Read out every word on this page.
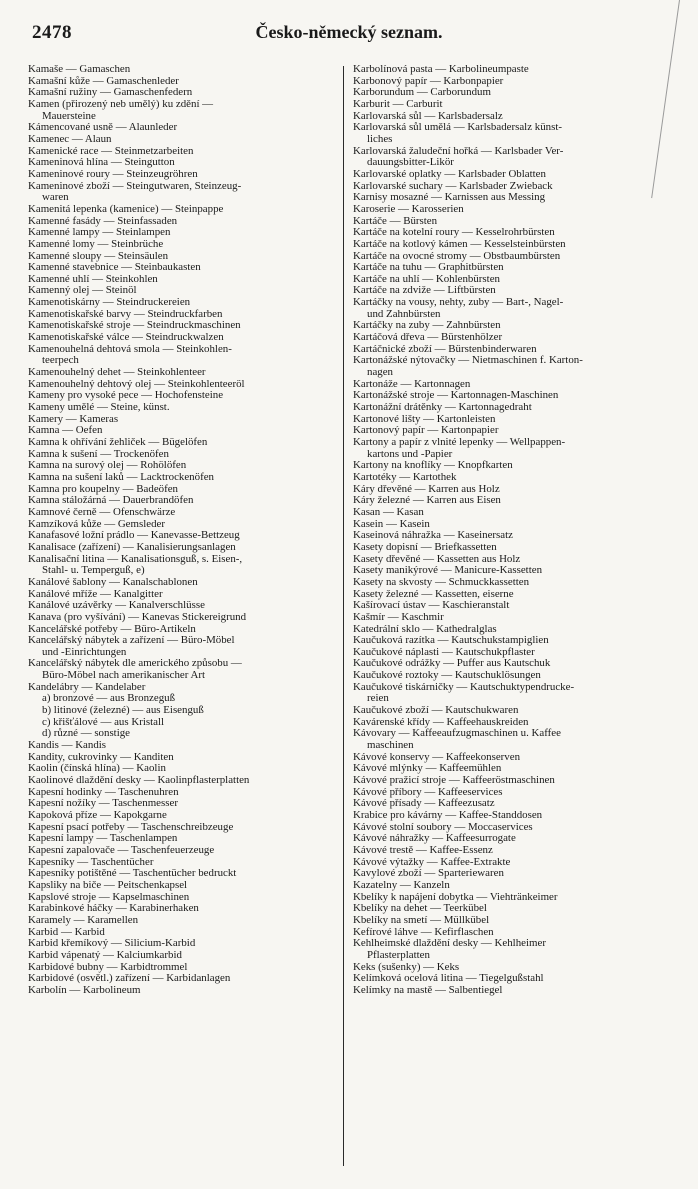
2478	Česko-německý seznam.
Kamaše — Gamaschen
Kamašní kůže — Gamaschenleder
Kamašní ružiny — Gamaschenfedern
Kamen (přirozený neb umělý) ku zdění —
Mauersteine
Kámencované usně — Alaunleder
Kamenec — Alaun
Kamenické race — Steinmetzarbeiten
Kameninová hlína — Steingutton
Kameninové roury — Steinzeugröhren
Kameninové zboží — Steingutwaren, Steinzeug-
waren
Kamenitá lepenka (kamenice) — Steinpappe
Kamenné fasády — Steinfassaden
Kamenné lampy — Steinlampen
Kamenné lomy — Steinbrüche
Kamenné sloupy — Steinsäulen
Kamenné stavebnice — Steinbaukasten
Kamenné uhlí — Steinkohlen
Kamenný olej — Steinöl
Kamenotiskárny — Steindruckereien
Kamenotiskařské barvy — Steindruckfarben
Kamenotiskařské stroje — Steindruckmaschinen
Kamenotiskařské válce — Steindruckwalzen
Kamenouhelná dehtová smola — Steinkohlen-
teerpech
Kamenouhelný dehet — Steinkohlenteer
Kamenouhelný dehtový olej — Steinkohlenteeröl
Kameny pro vysoké pece — Hochofensteine
Kameny umělé — Steine, künst.
Kamery — Kameras
Kamna — Oefen
Kamna k ohřívání žehliček — Bügelöfen
Kamna k sušení — Trockenöfen
Kamna na surový olej — Rohölöfen
Kamna na sušení laků — Lacktrockenöfen
Kamna pro koupelny — Badeöfen
Kamna stáložárná — Dauerbrandöfen
Kamnové černě — Ofenschwärze
Kamzíková kůže — Gemsleder
Kanafasové ložní prádlo — Kanevasse-Bettzeug
Kanalisace (zařízení) — Kanalisierungsanlagen
Kanalisační litina — Kanalisationsguß, s. Eisen-,
Stahl- u. Temperguß, e)
Kanálové šablony — Kanalschablonen
Kanálové mříže — Kanalgitter
Kanálové uzávěrky — Kanalverschlüsse
Kanava (pro vyšívání) — Kanevas Stickereigrund
Kancelářské potřeby — Büro-Artikeln
Kancelářský nábytek a zařízení — Büro-Möbel
und -Einrichtungen
Kancelářský nábytek dle amerického způsobu —
Büro-Möbel nach amerikanischer Art
Kandelábry — Kandelaber
a) bronzové — aus Bronzeguß
b) litinové (železné) — aus Eisenguß
c) křišťálové — aus Kristall
d) různé — sonstige
Kandis — Kandis
Kandity, cukrovinky — Kanditen
Kaolin (čínská hlína) — Kaolin
Kaolinové dlaždění desky — Kaolinpflasterplatten
Kapesní hodinky — Taschenuhren
Kapesní nožíky — Taschenmesser
Kapoková příze — Kapokgarne
Kapesní psací potřeby — Taschenschreibzeuge
Kapesní lampy — Taschenlampen
Kapesní zapalovače — Taschenfeuerzeuge
Kapesníky — Taschentücher
Kapesníky potištěné — Taschentücher bedruckt
Kapsliky na biče — Peitschenkapsel
Kapslové stroje — Kapselmaschinen
Karabinkové háčky — Karabinerhaken
Karamely — Karamellen
Karbid — Karbid
Karbid křemíkový — Silicium-Karbid
Karbid vápenatý — Kalciumkarbid
Karbidové bubny — Karbidtrommel
Karbidové (osvětl.) zařízení — Karbidanlagen
Karbolín — Karbolineum
Karbolínová pasta — Karbolineumpaste
Karbonový papír — Karbonpapier
Karborundum — Carborundum
Karburit — Carburit
Karlovarská sůl — Karlsbadersalz
Karlovarská sůl umělá — Karlsbadersalz künst-
liches
Karlovarská žaludeční hořká — Karlsbader Ver-
dauungsbitter-Likör
Karlovarské oplatky — Karlsbader Oblatten
Karlovarské suchary — Karlsbader Zwieback
Karnisy mosazné — Karnissen aus Messing
Karoserie — Karosserien
Kartáče — Bürsten
Kartáče na kotelní roury — Kesselrohrbürsten
Kartáče na kotlový kámen — Kesselsteinbürsten
Kartáče na ovocné stromy — Obstbaumbürsten
Kartáče na tuhu — Graphitbürsten
Kartáče na uhlí — Kohlenbürsten
Kartáče na zdviže — Liftbürsten
Kartáčky na vousy, nehty, zuby — Bart-, Nagel-
und Zahnbürsten
Kartáčky na zuby — Zahnbürsten
Kartáčová dřeva — Bürstenhölzer
Kartáčnické zboží — Bürstenbinderwaren
Kartonážské nýtovačky — Nietmaschinen f. Karton-
nagen
Kartonáže — Kartonnagen
Kartonážské stroje — Kartonnagen-Maschinen
Kartonážní drátěnky — Kartonnagedraht
Kartonové lišty — Kartonleisten
Kartonový papír — Kartonpapier
Kartony a papír z vlnité lepenky — Wellpappen-
kartons und -Papier
Kartony na knoflíky — Knopfkarten
Kartotéky — Kartothek
Káry dřevěné — Karren aus Holz
Káry železné — Karren aus Eisen
Kasan — Kasan
Kasein — Kasein
Kaseinová náhražka — Kaseinersatz
Kasety dopisní — Briefkassetten
Kasety dřevěné — Kassetten aus Holz
Kasety manikýrové — Manicure-Kassetten
Kasety na skvosty — Schmuckkassetten
Kasety železné — Kassetten, eiserne
Kašírovací ústav — Kaschieranstalt
Kašmír — Kaschmir
Katedrální sklo — Kathedralglas
Kaučuková razítka — Kautschukstampiglien
Kaučukové náplasti — Kautschukpflaster
Kaučukové odrážky — Puffer aus Kautschuk
Kaučukové roztoky — Kautschuklösungen
Kaučukové tiskárničky — Kautschuktypendrucke-
reien
Kaučukové zboží — Kautschukwaren
Kavárenské křídy — Kaffeehauskreiden
Kávovary — Kaffeeaufzugmaschinen u. Kaffee
maschinen
Kávové konservy — Kaffeekonserven
Kávové mlýnky — Kaffeemühlen
Kávové pražicí stroje — Kaffeeröstmaschinen
Kávové příbory — Kaffeeservices
Kávové přísady — Kaffeezusatz
Krabice pro kávárny — Kaffee-Standdosen
Kávové stolní soubory — Moccaservices
Kávové náhražky — Kaffeesurrogate
Kávové trestě — Kaffee-Essenz
Kávové výtažky — Kaffee-Extrakte
Kavylové zboží — Sparteriewaren
Kazatelny — Kanzeln
Kbelíky k napájení dobytka — Viehtränkeimer
Kbelíky na dehet — Teerkübel
Kbelíky na smetí — Müllkübel
Kefírové láhve — Kefirflaschen
Kehlheimské dlaždění desky — Kehlheimer
Pflasterplatten
Keks (sušenky) — Keks
Kelímková ocelová litina — Tiegelgußstahl
Kelímky na mastě — Salbentiegel
